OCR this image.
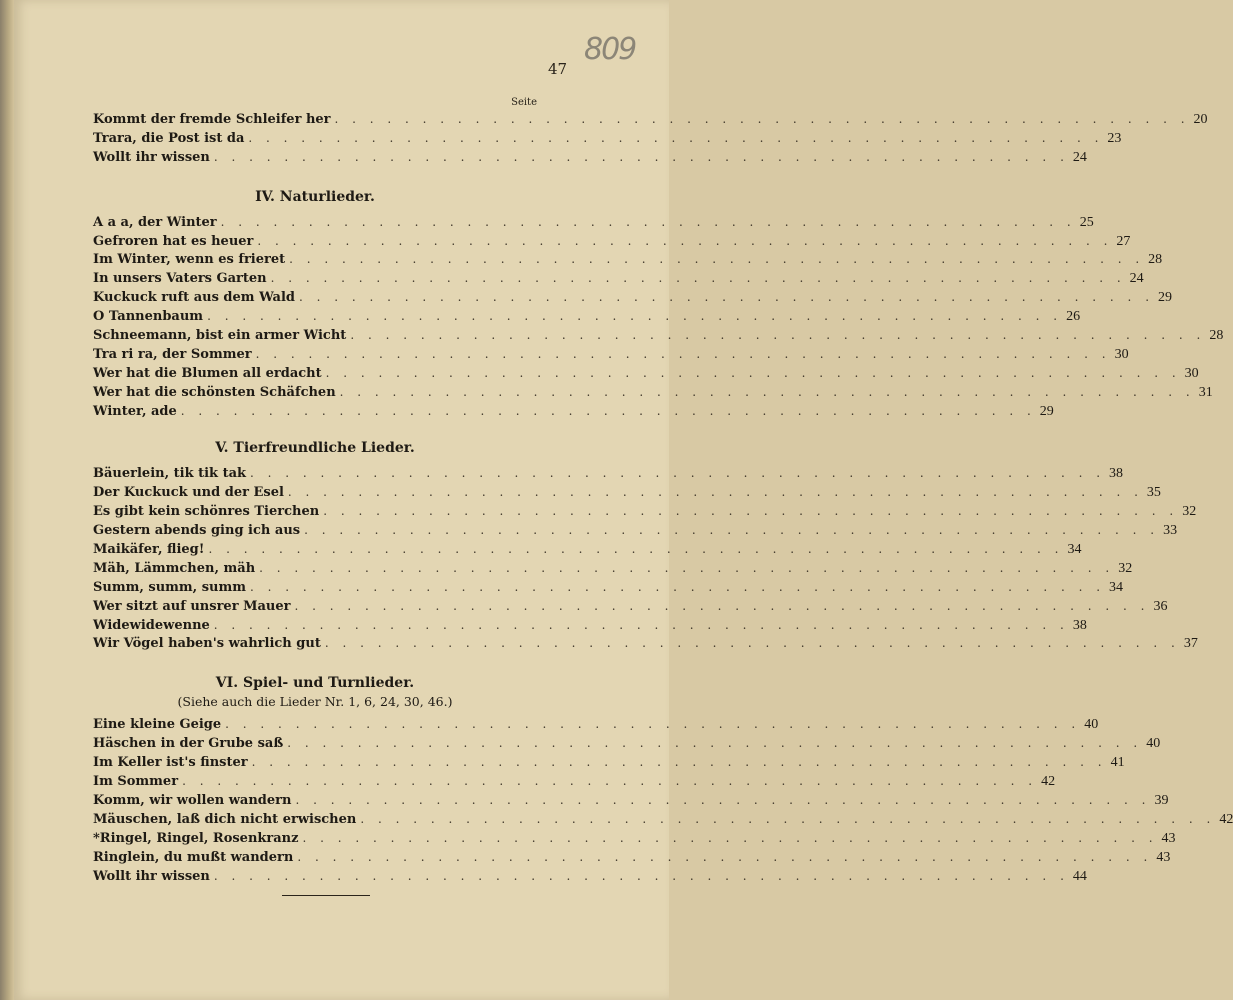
47
809
Seite
Kommt der fremde Schleifer her . . . . . . . . . . . . . . . . . . . . . . . . . . . . . . . . . . . . . . . . . . . . . . . . . 20
Trara, die Post ist da . . . . . . . . . . . . . . . . . . . . . . . . . . . . . . . . . . . . . . . . . . . . . . . . . 23
Wollt ihr wissen . . . . . . . . . . . . . . . . . . . . . . . . . . . . . . . . . . . . . . . . . . . . . . . . . 24
IV. Naturlieder.
A a a, der Winter . . . . . . . . . . . . . . . . . . . . . . . . . . . . . . . . . . . . . . . . . . . . . . . . . 25
Gefroren hat es heuer . . . . . . . . . . . . . . . . . . . . . . . . . . . . . . . . . . . . . . . . . . . . . . . . . 27
Im Winter, wenn es frieret . . . . . . . . . . . . . . . . . . . . . . . . . . . . . . . . . . . . . . . . . . . . . . . . . 28
In unsers Vaters Garten . . . . . . . . . . . . . . . . . . . . . . . . . . . . . . . . . . . . . . . . . . . . . . . . . 24
Kuckuck ruft aus dem Wald . . . . . . . . . . . . . . . . . . . . . . . . . . . . . . . . . . . . . . . . . . . . . . . . . 29
O Tannenbaum . . . . . . . . . . . . . . . . . . . . . . . . . . . . . . . . . . . . . . . . . . . . . . . . . 26
Schneemann, bist ein armer Wicht . . . . . . . . . . . . . . . . . . . . . . . . . . . . . . . . . . . . . . . . . . . . . . . . . 28
Tra ri ra, der Sommer . . . . . . . . . . . . . . . . . . . . . . . . . . . . . . . . . . . . . . . . . . . . . . . . . 30
Wer hat die Blumen all erdacht . . . . . . . . . . . . . . . . . . . . . . . . . . . . . . . . . . . . . . . . . . . . . . . . . 30
Wer hat die schönsten Schäfchen . . . . . . . . . . . . . . . . . . . . . . . . . . . . . . . . . . . . . . . . . . . . . . . . . 31
Winter, ade . . . . . . . . . . . . . . . . . . . . . . . . . . . . . . . . . . . . . . . . . . . . . . . . . 29
V. Tierfreundliche Lieder.
Bäuerlein, tik tik tak . . . . . . . . . . . . . . . . . . . . . . . . . . . . . . . . . . . . . . . . . . . . . . . . . 38
Der Kuckuck und der Esel . . . . . . . . . . . . . . . . . . . . . . . . . . . . . . . . . . . . . . . . . . . . . . . . . 35
Es gibt kein schönres Tierchen . . . . . . . . . . . . . . . . . . . . . . . . . . . . . . . . . . . . . . . . . . . . . . . . . 32
Gestern abends ging ich aus . . . . . . . . . . . . . . . . . . . . . . . . . . . . . . . . . . . . . . . . . . . . . . . . . 33
Maikäfer, flieg! . . . . . . . . . . . . . . . . . . . . . . . . . . . . . . . . . . . . . . . . . . . . . . . . . 34
Mäh, Lämmchen, mäh . . . . . . . . . . . . . . . . . . . . . . . . . . . . . . . . . . . . . . . . . . . . . . . . . 32
Summ, summ, summ . . . . . . . . . . . . . . . . . . . . . . . . . . . . . . . . . . . . . . . . . . . . . . . . . 34
Wer sitzt auf unsrer Mauer . . . . . . . . . . . . . . . . . . . . . . . . . . . . . . . . . . . . . . . . . . . . . . . . . 36
Widewidewenne . . . . . . . . . . . . . . . . . . . . . . . . . . . . . . . . . . . . . . . . . . . . . . . . . 38
Wir Vögel haben's wahrlich gut . . . . . . . . . . . . . . . . . . . . . . . . . . . . . . . . . . . . . . . . . . . . . . . . . 37
VI. Spiel- und Turnlieder.
(Siehe auch die Lieder Nr. 1, 6, 24, 30, 46.)
Eine kleine Geige . . . . . . . . . . . . . . . . . . . . . . . . . . . . . . . . . . . . . . . . . . . . . . . . . 40
Häschen in der Grube saß . . . . . . . . . . . . . . . . . . . . . . . . . . . . . . . . . . . . . . . . . . . . . . . . . 40
Im Keller ist's finster . . . . . . . . . . . . . . . . . . . . . . . . . . . . . . . . . . . . . . . . . . . . . . . . . 41
Im Sommer . . . . . . . . . . . . . . . . . . . . . . . . . . . . . . . . . . . . . . . . . . . . . . . . . 42
Komm, wir wollen wandern . . . . . . . . . . . . . . . . . . . . . . . . . . . . . . . . . . . . . . . . . . . . . . . . . 39
Mäuschen, laß dich nicht erwischen . . . . . . . . . . . . . . . . . . . . . . . . . . . . . . . . . . . . . . . . . . . . . . . . . 42
*Ringel, Ringel, Rosenkranz . . . . . . . . . . . . . . . . . . . . . . . . . . . . . . . . . . . . . . . . . . . . . . . . . 43
Ringlein, du mußt wandern . . . . . . . . . . . . . . . . . . . . . . . . . . . . . . . . . . . . . . . . . . . . . . . . . 43
Wollt ihr wissen . . . . . . . . . . . . . . . . . . . . . . . . . . . . . . . . . . . . . . . . . . . . . . . . . 44
